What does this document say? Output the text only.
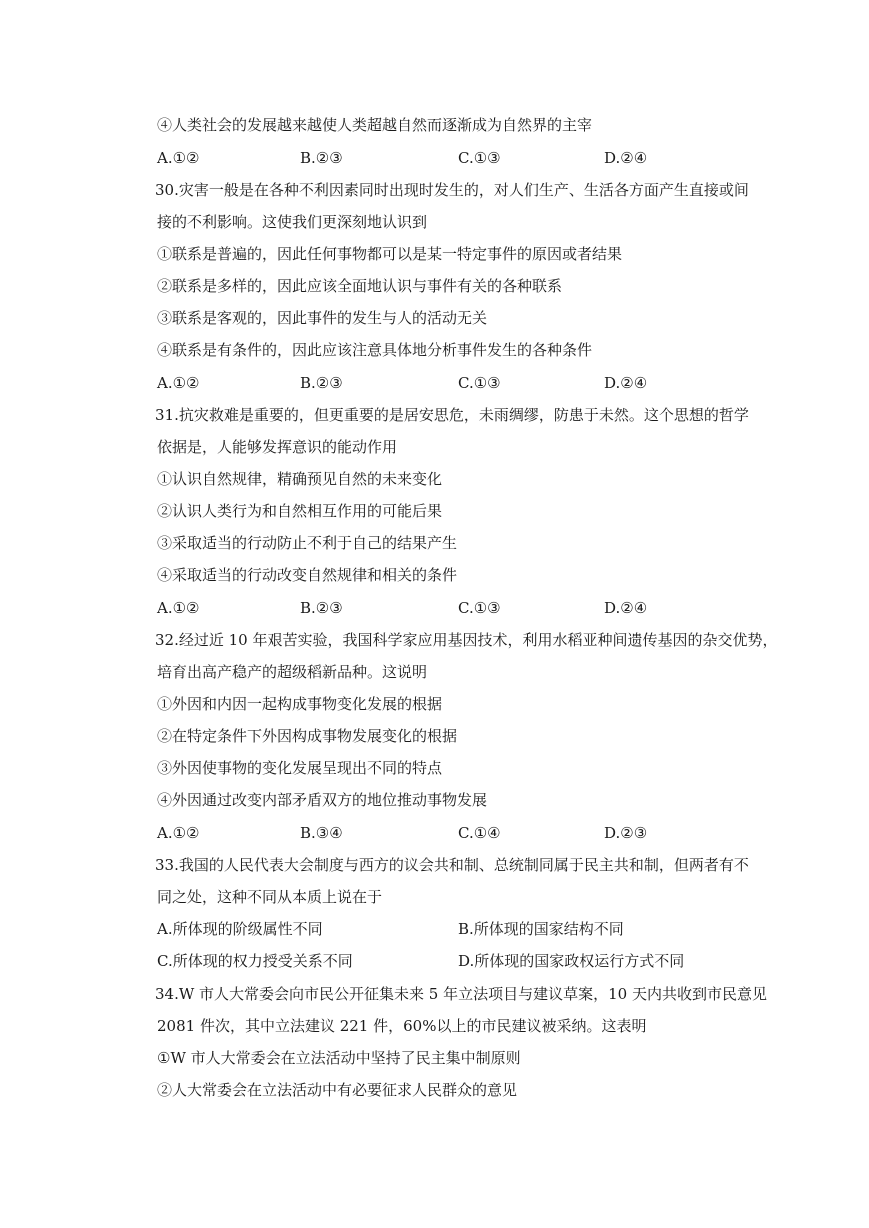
④人类社会的发展越来越使人类超越自然而逐渐成为自然界的主宰
A.①②	B.②③	C.①③	D.②④
30.灾害一般是在各种不利因素同时出现时发生的，对人们生产、生活各方面产生直接或间
接的不利影响。这使我们更深刻地认识到
①联系是普遍的，因此任何事物都可以是某一特定事件的原因或者结果
②联系是多样的，因此应该全面地认识与事件有关的各种联系
③联系是客观的，因此事件的发生与人的活动无关
④联系是有条件的，因此应该注意具体地分析事件发生的各种条件
A.①②	B.②③	C.①③	D.②④
31.抗灾救难是重要的，但更重要的是居安思危，未雨绸缪，防患于未然。这个思想的哲学
依据是，人能够发挥意识的能动作用
①认识自然规律，精确预见自然的未来变化
②认识人类行为和自然相互作用的可能后果
③采取适当的行动防止不利于自己的结果产生
④采取适当的行动改变自然规律和相关的条件
A.①②	B.②③	C.①③	D.②④
32.经过近 10 年艰苦实验，我国科学家应用基因技术，利用水稻亚种间遗传基因的杂交优势，
培育出高产稳产的超级稻新品种。这说明
①外因和内因一起构成事物变化发展的根据
②在特定条件下外因构成事物发展变化的根据
③外因使事物的变化发展呈现出不同的特点
④外因通过改变内部矛盾双方的地位推动事物发展
A.①②	B.③④	C.①④	D.②③
33.我国的人民代表大会制度与西方的议会共和制、总统制同属于民主共和制，但两者有不
同之处，这种不同从本质上说在于
A.所体现的阶级属性不同	B.所体现的国家结构不同
C.所体现的权力授受关系不同	D.所体现的国家政权运行方式不同
34.W 市人大常委会向市民公开征集未来 5 年立法项目与建议草案，10 天内共收到市民意见
2081 件次，其中立法建议 221 件，60%以上的市民建议被采纳。这表明
①W 市人大常委会在立法活动中坚持了民主集中制原则
②人大常委会在立法活动中有必要征求人民群众的意见
